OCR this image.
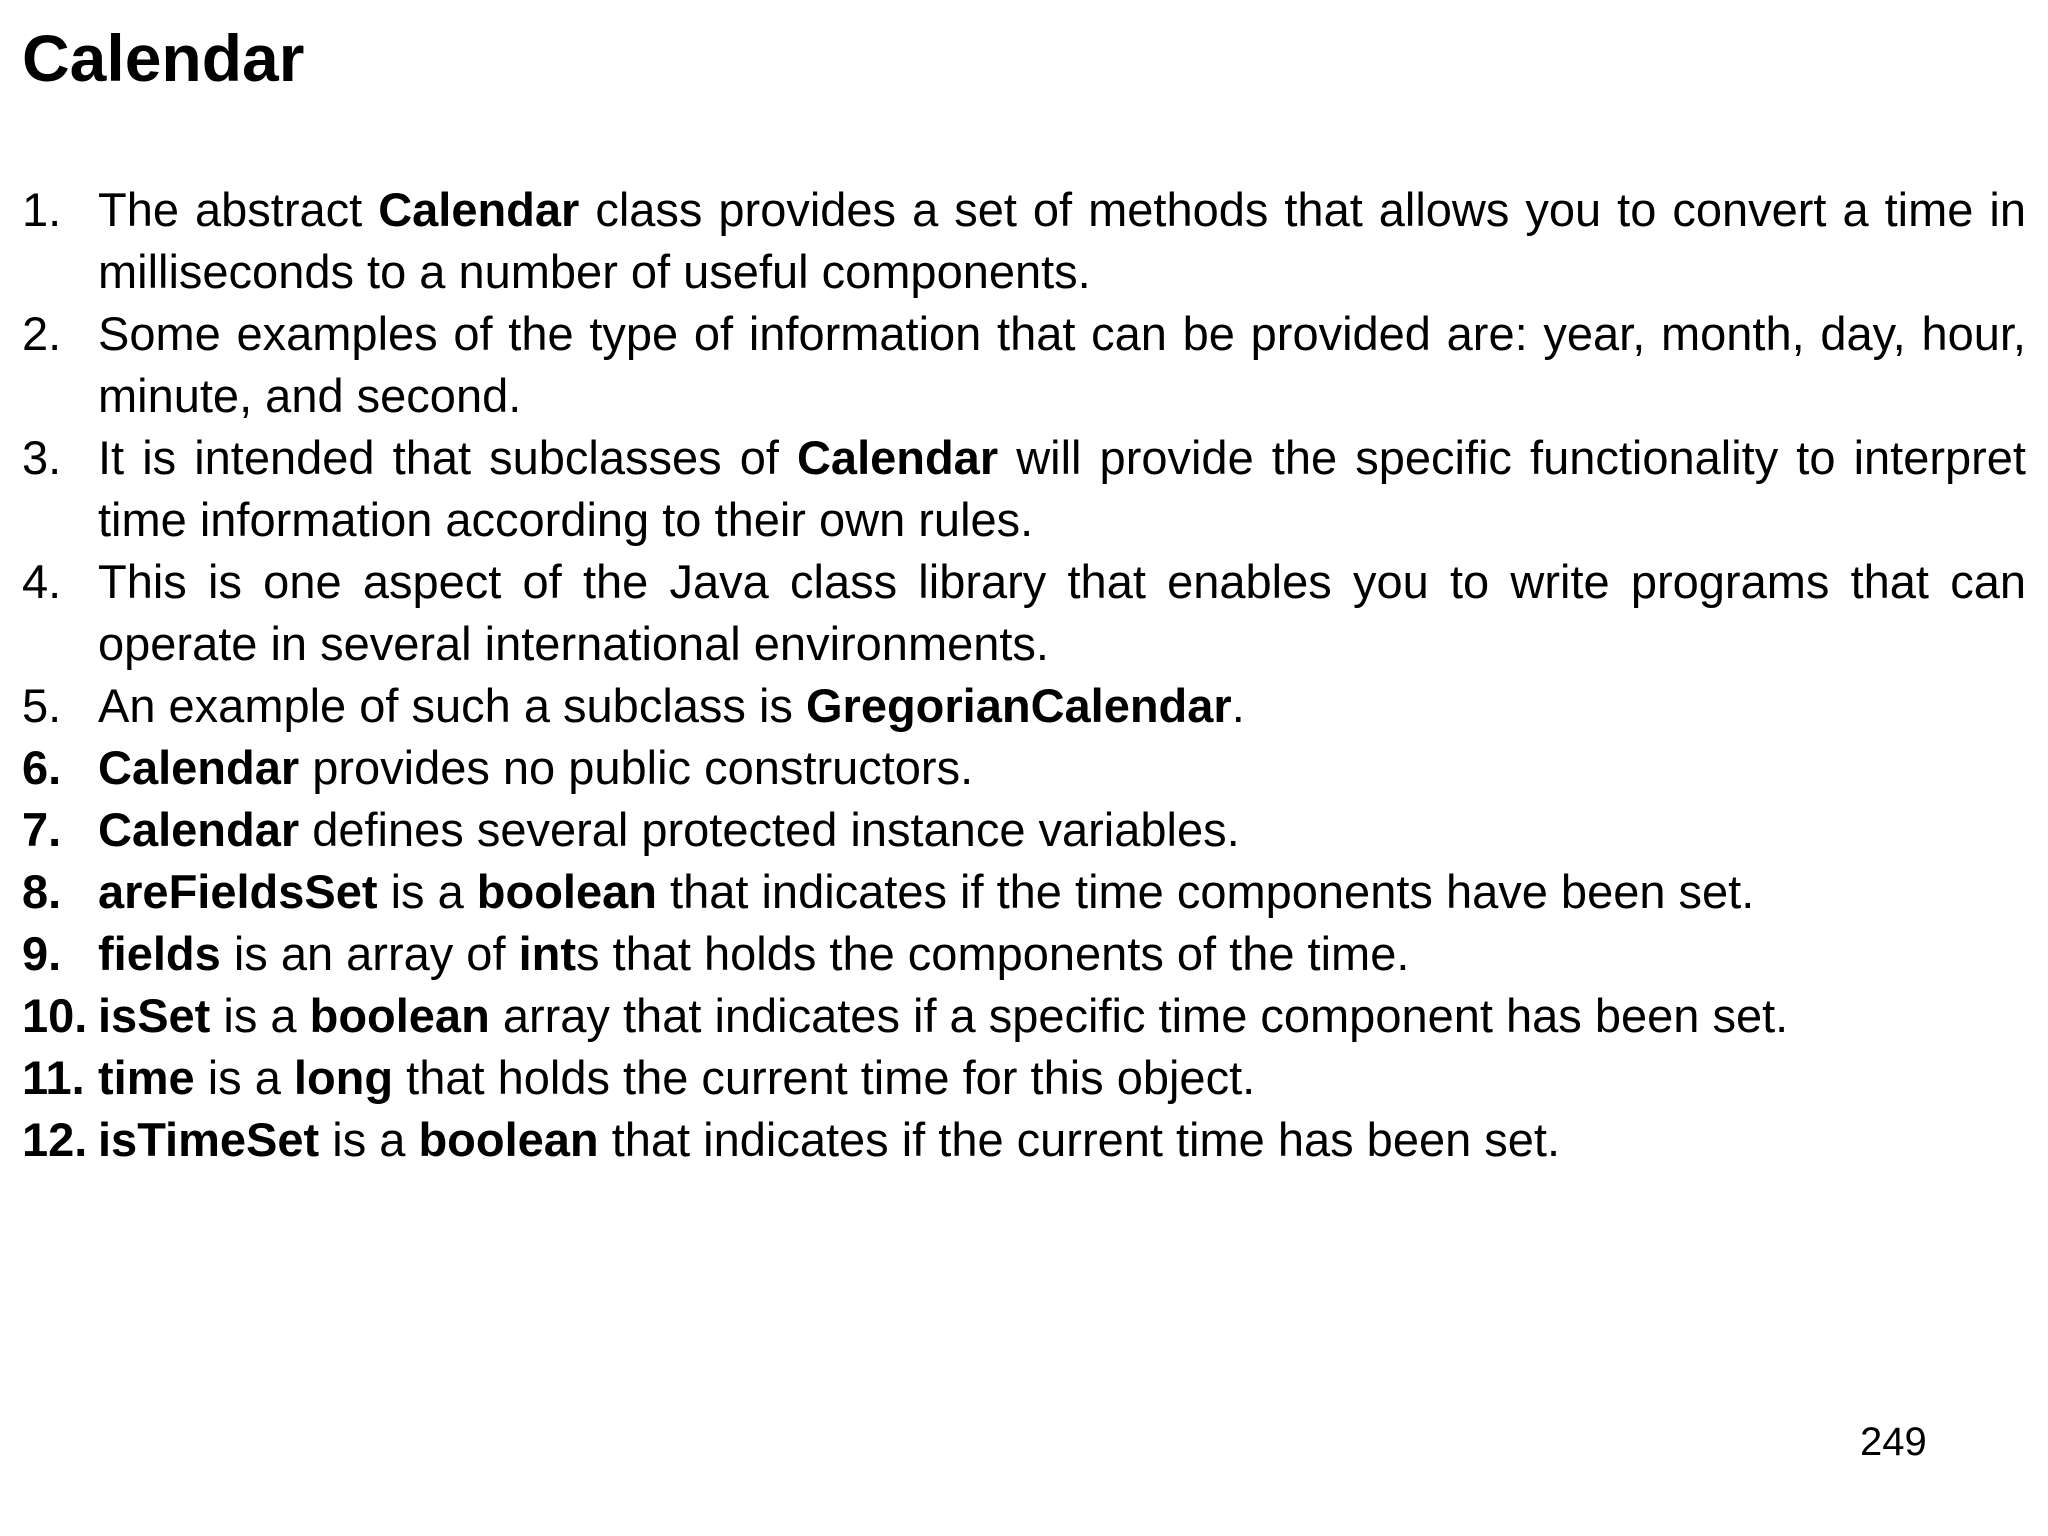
Calendar
1. The abstract Calendar class provides a set of methods that allows you to convert a time in milliseconds to a number of useful components.
2. Some examples of the type of information that can be provided are: year, month, day, hour, minute, and second.
3. It is intended that subclasses of Calendar will provide the specific functionality to interpret time information according to their own rules.
4. This is one aspect of the Java class library that enables you to write programs that can operate in several international environments.
5. An example of such a subclass is GregorianCalendar.
6. Calendar provides no public constructors.
7. Calendar defines several protected instance variables.
8. areFieldsSet is a boolean that indicates if the time components have been set.
9. fields is an array of ints that holds the components of the time.
10. isSet is a boolean array that indicates if a specific time component has been set.
11. time is a long that holds the current time for this object.
12. isTimeSet is a boolean that indicates if the current time has been set.
249
